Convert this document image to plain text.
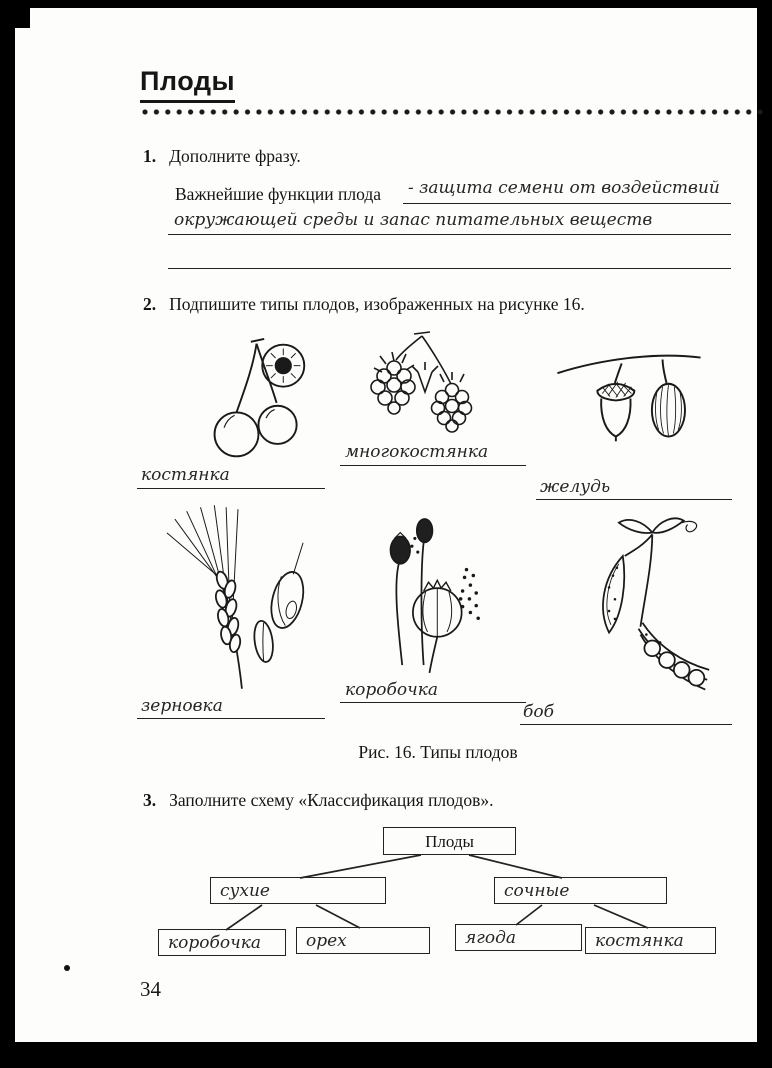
Плоды
1. Дополните фразу.
Важнейшие функции плода - защита семени от воздействий
окружающей среды и запас питательных веществ
2. Подпишите типы плодов, изображенных на рисунке 16.
многокостянка
костянка
желудь
коробочка
зерновка	боб
Рис. 16. Типы плодов
3. Заполните схему «Классификация плодов».
Плоды
сухие	сочные
коробочка	орех	ягода	костянка
34
